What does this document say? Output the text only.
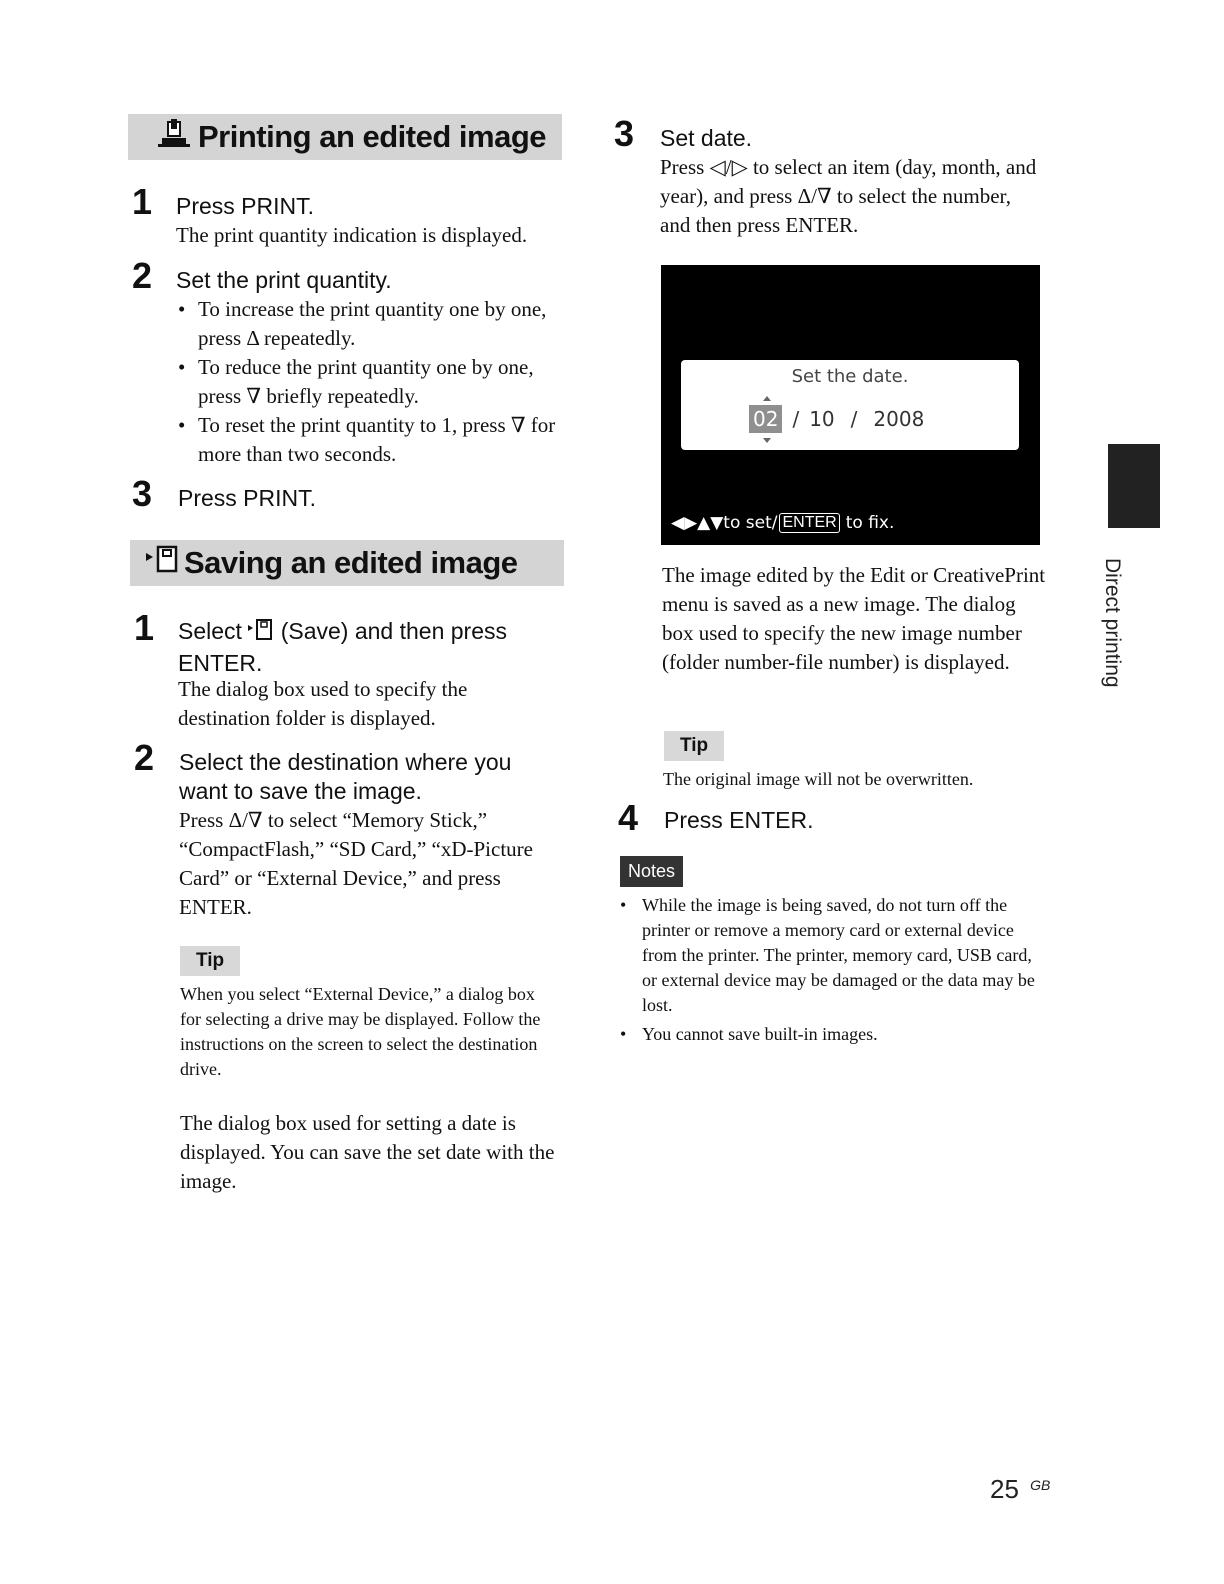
Printing an edited image
1 Press PRINT.
The print quantity indication is displayed.
2 Set the print quantity.
• To increase the print quantity one by one, press Δ repeatedly.
• To reduce the print quantity one by one, press ∇ briefly repeatedly.
• To reset the print quantity to 1, press ∇ for more than two seconds.
3 Press PRINT.
Saving an edited image
1 Select (Save) and then press ENTER.
The dialog box used to specify the destination folder is displayed.
2 Select the destination where you want to save the image.
Press Δ/∇ to select “Memory Stick,” “CompactFlash,” “SD Card,” “xD-Picture Card” or “External Device,” and press ENTER.
Tip
When you select “External Device,” a dialog box for selecting a drive may be displayed. Follow the instructions on the screen to select the destination drive.
The dialog box used for setting a date is displayed. You can save the set date with the image.
3 Set date.
Press ◁/▷ to select an item (day, month, and year), and press Δ/∇ to select the number, and then press ENTER.
Set the date.
02 / 10 / 2008
◀▶▲▼to set/ ENTER to fix.
The image edited by the Edit or CreativePrint menu is saved as a new image. The dialog box used to specify the new image number (folder number-file number) is displayed.
Tip
The original image will not be overwritten.
4 Press ENTER.
Notes
• While the image is being saved, do not turn off the printer or remove a memory card or external device from the printer. The printer, memory card, USB card, or external device may be damaged or the data may be lost.
• You cannot save built-in images.
Direct printing
25 $^{GB}$
